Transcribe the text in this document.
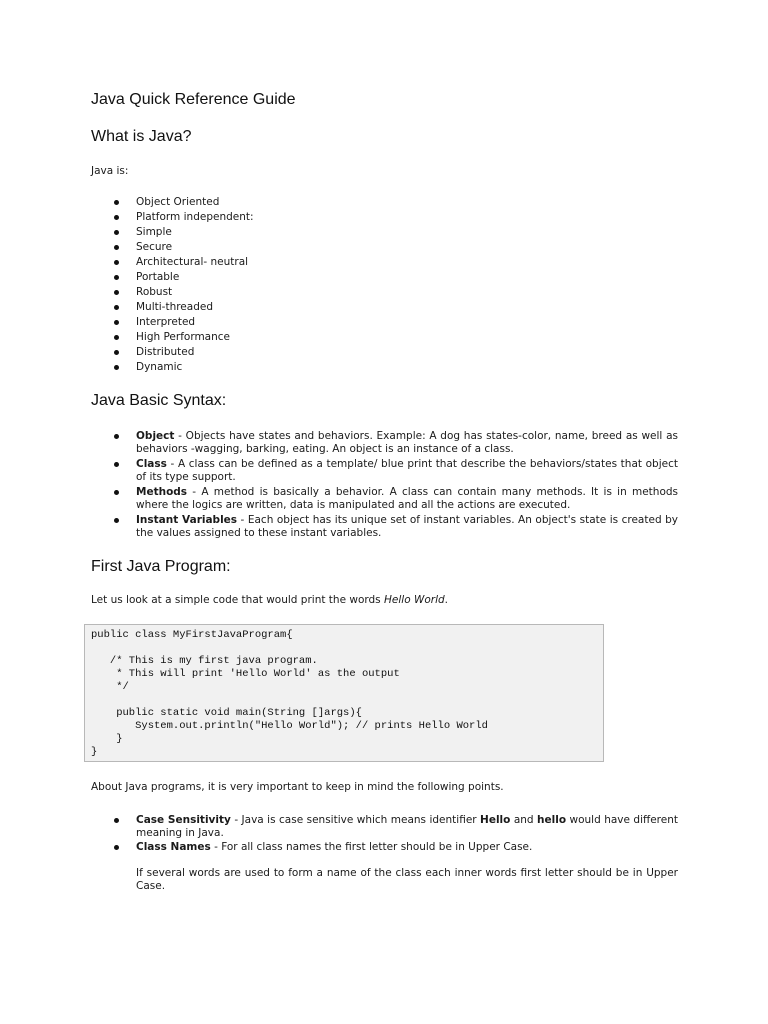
Java Quick Reference Guide
What is Java?

Java is:

Object Oriented
Platform independent:
Simple
Secure
Architectural- neutral
Portable
Robust
Multi-threaded
Interpreted
High Performance
Distributed
Dynamic
Java Basic Syntax:
Object - Objects have states and behaviors. Example: A dog has states-color, name, breed as well as behaviors -wagging, barking, eating. An object is an instance of a class.
Class - A class can be defined as a template/ blue print that describe the behaviors/states that object of its type support.
Methods - A method is basically a behavior. A class can contain many methods. It is in methods where the logics are written, data is manipulated and all the actions are executed.
Instant Variables - Each object has its unique set of instant variables. An object's state is created by the values assigned to these instant variables.
First Java Program:

Let us look at a simple code that would print the words Hello World.

public class MyFirstJavaProgram{

/* This is my first java program.
* This will print 'Hello World' as the output
*/

public static void main(String []args){
System.out.println("Hello World"); // prints Hello World
}
}

About Java programs, it is very important to keep in mind the following points.

Case Sensitivity - Java is case sensitive which means identifier Hello and hello would have different meaning in Java.
Class Names - For all class names the first letter should be in Upper Case.
If several words are used to form a name of the class each inner words first letter should be in Upper Case.
